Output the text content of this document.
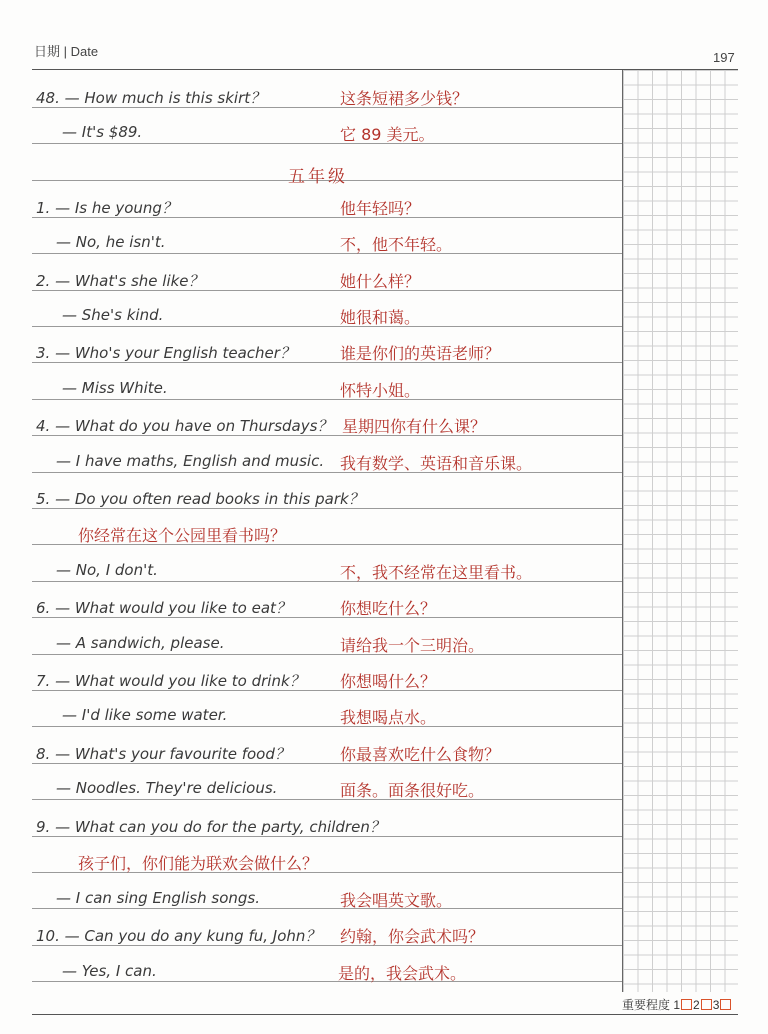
日期 | Date	197
五年级
48. — How much is this skirt？	这条短裙多少钱？
— It's $89.	它 89 美元。
1. — Is he young？	他年轻吗？
— No, he isn't.	不，他不年轻。
2. — What's she like？	她什么样？
— She's kind.	她很和蔼。
3. — Who's your English teacher？	谁是你们的英语老师？
— Miss White.	怀特小姐。
4. — What do you have on Thursdays？ 星期四你有什么课？
— I have maths, English and music. 我有数学、英语和音乐课。
5. — Do you often read books in this park？
你经常在这个公园里看书吗？
— No, I don't.	不，我不经常在这里看书。
6. — What would you like to eat？	你想吃什么？
— A sandwich, please.	请给我一个三明治。
7. — What would you like to drink？ 你想喝什么？
— I'd like some water.	我想喝点水。
8. — What's your favourite food？	你最喜欢吃什么食物？
— Noodles. They're delicious.	面条。面条很好吃。
9. — What can you do for the party, children？
孩子们，你们能为联欢会做什么？
— I can sing English songs.	我会唱英文歌。
10. — Can you do any kung fu, John？ 约翰，你会武术吗？
— Yes, I can.	是的，我会武术。
重要程度 1 2 3
